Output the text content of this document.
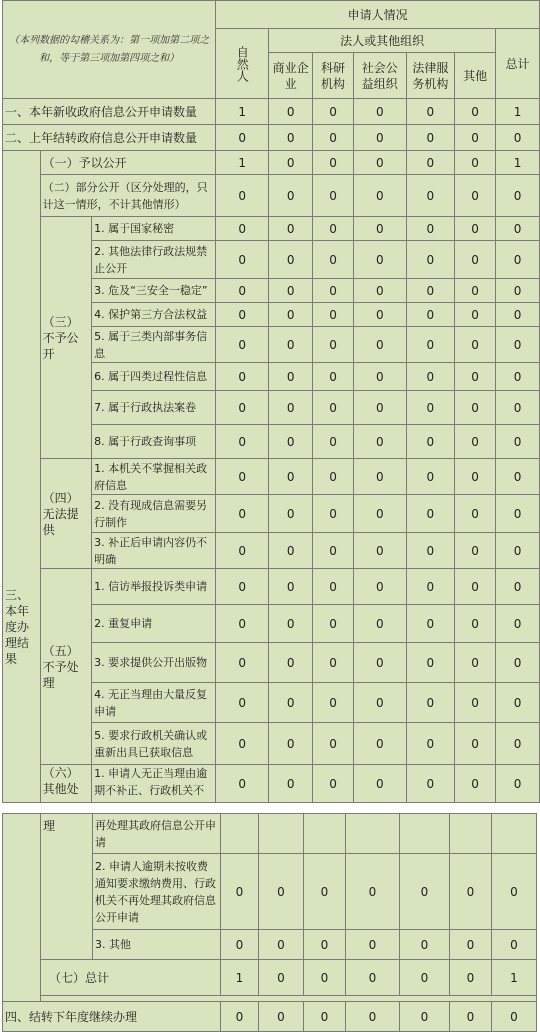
（本列数据的勾稽关系为：第一项加第二项之和，等于第三项加第四项之和）			申请人情况						
			自然人	法人或其他组织					总计
				商业企业	科研机构	社会公益组织	法律服务机构	其他	
一、本年新收政府信息公开申请数量			1	0	0	0	0	0	1
二、上年结转政府信息公开申请数量			0	0	0	0	0	0	0
三、本年度办理结果	（一）予以公开		1	0	0	0	0	0	1
	（二）部分公开（区分处理的，只计这一情形，不计其他情形）		0	0	0	0	0	0	0
	（三）不予公开	1. 属于国家秘密	0	0	0	0	0	0	0
		2. 其他法律行政法规禁止公开	0	0	0	0	0	0	0
		3. 危及“三安全一稳定”	0	0	0	0	0	0	0
		4. 保护第三方合法权益	0	0	0	0	0	0	0
		5. 属于三类内部事务信息	0	0	0	0	0	0	0
		6. 属于四类过程性信息	0	0	0	0	0	0	0
		7. 属于行政执法案卷	0	0	0	0	0	0	0
		8. 属于行政查询事项	0	0	0	0	0	0	0
	（四）无法提供	1. 本机关不掌握相关政府信息	0	0	0	0	0	0	0
		2. 没有现成信息需要另行制作	0	0	0	0	0	0	0
		3. 补正后申请内容仍不明确	0	0	0	0	0	0	0
	（五）不予处理	1. 信访举报投诉类申请	0	0	0	0	0	0	0
		2. 重复申请	0	0	0	0	0	0	0
		3. 要求提供公开出版物	0	0	0	0	0	0	0
		4. 无正当理由大量反复申请	0	0	0	0	0	0	0
		5. 要求行政机关确认或重新出具已获取信息	0	0	0	0	0	0	0
	（六）其他处	1. 申请人无正当理由逾期不补正、行政机关不	0	0	0	0	0	0	0
	理	再处理其政府信息公开申请							
		2. 申请人逾期未按收费通知要求缴纳费用、行政机关不再处理其政府信息公开申请	0	0	0	0	0	0	0
		3. 其他	0	0	0	0	0	0	0
	（七）总计		1	0	0	0	0	0	1

四、结转下年度继续办理			0	0	0	0	0	0	0
